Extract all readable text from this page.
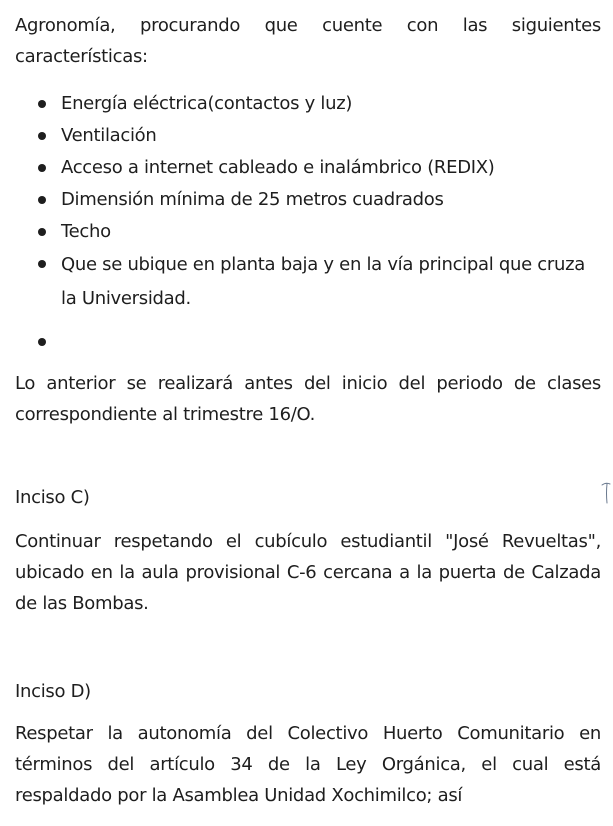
Agronomía, procurando que cuente con las siguientes características:

Energía eléctrica(contactos y luz)
Ventilación
Acceso a internet cableado e inalámbrico (REDIX)
Dimensión mínima de 25 metros cuadrados
Techo
Que se ubique en planta baja y en la vía principal que cruza la Universidad.

Lo anterior se realizará antes del inicio del periodo de clases correspondiente al trimestre 16/O.

Inciso C)

Continuar respetando el cubículo estudiantil "José Revueltas", ubicado en la aula provisional C-6 cercana a la puerta de Calzada de las Bombas.

Inciso D)

Respetar la autonomía del Colectivo Huerto Comunitario en términos del artículo 34 de la Ley Orgánica, el cual está respaldado por la Asamblea Unidad Xochimilco; así
